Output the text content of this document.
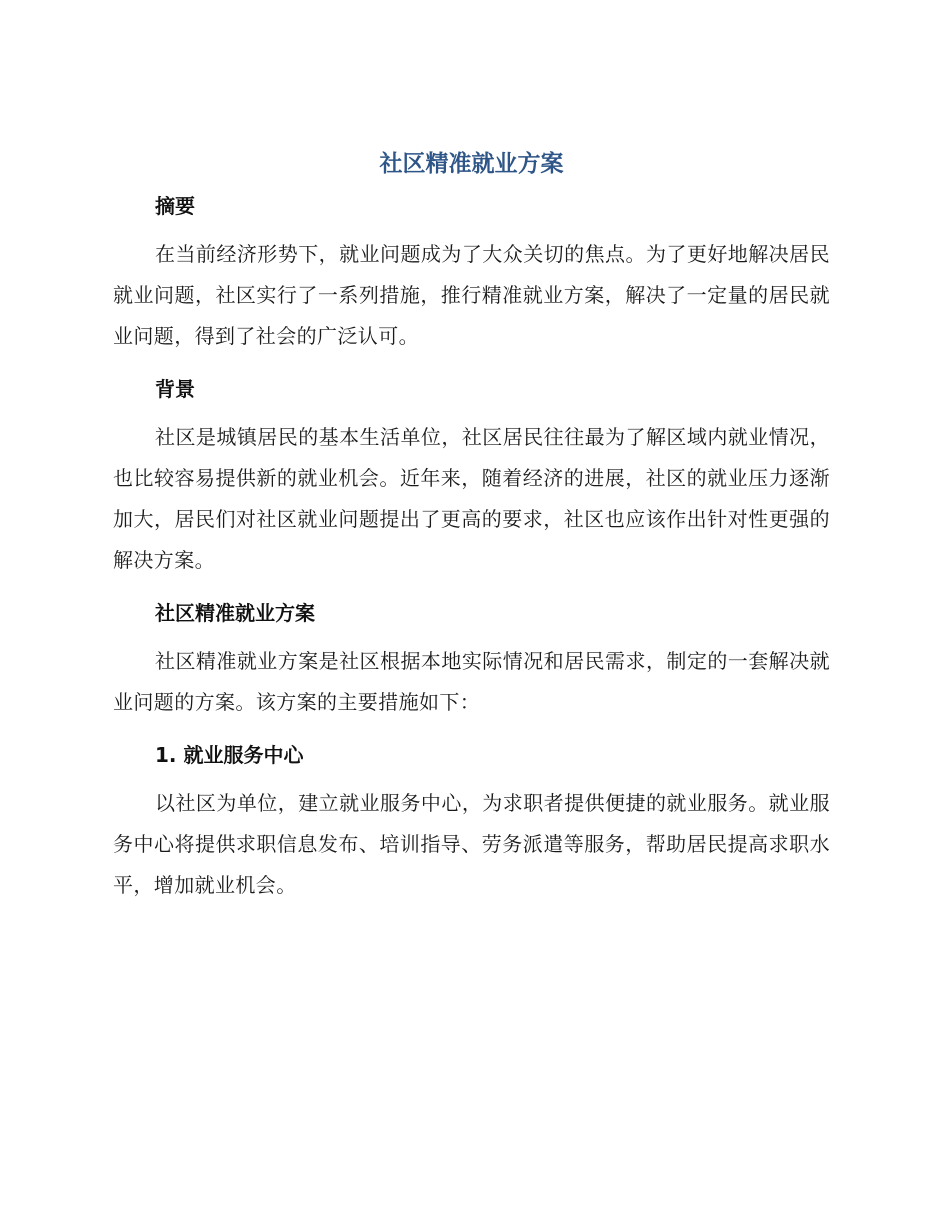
社区精准就业方案
摘要

在当前经济形势下，就业问题成为了大众关切的焦点。为了更好地解决居民就业问题，社区实行了一系列措施，推行精准就业方案，解决了一定量的居民就业问题，得到了社会的广泛认可。

背景

社区是城镇居民的基本生活单位，社区居民往往最为了解区域内就业情况，也比较容易提供新的就业机会。近年来，随着经济的进展，社区的就业压力逐渐加大，居民们对社区就业问题提出了更高的要求，社区也应该作出针对性更强的解决方案。

社区精准就业方案

社区精准就业方案是社区根据本地实际情况和居民需求，制定的一套解决就业问题的方案。该方案的主要措施如下：

1. 就业服务中心

以社区为单位，建立就业服务中心，为求职者提供便捷的就业服务。就业服务中心将提供求职信息发布、培训指导、劳务派遣等服务，帮助居民提高求职水平，增加就业机会。
